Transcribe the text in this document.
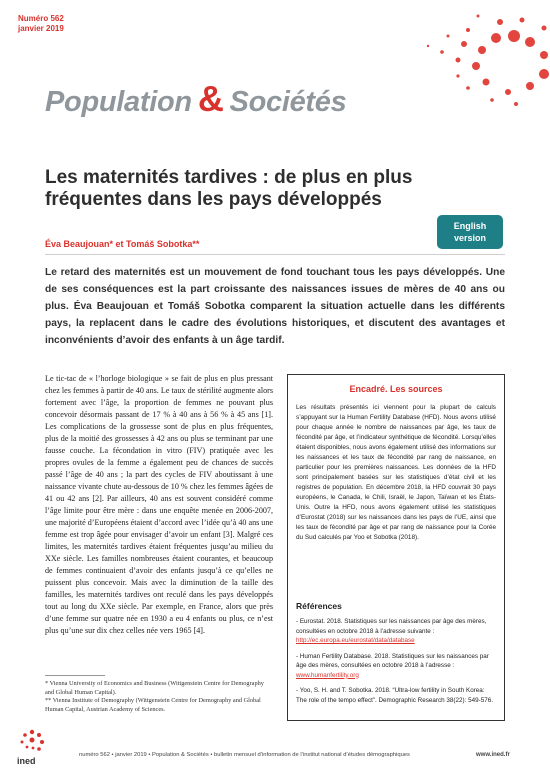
Numéro 562
janvier 2019
Population & Sociétés
Les maternités tardives : de plus en plus fréquentes dans les pays développés
English version
Éva Beaujouan* et Tomáš Sobotka**
Le retard des maternités est un mouvement de fond touchant tous les pays développés. Une de ses conséquences est la part croissante des naissances issues de mères de 40 ans ou plus. Éva Beaujouan et Tomáš Sobotka comparent la situation actuelle dans les différents pays, la replacent dans le cadre des évolutions historiques, et discutent des avantages et inconvénients d’avoir des enfants à un âge tardif.
Le tic-tac de « l’horloge biologique » se fait de plus en plus pressant chez les femmes à partir de 40 ans. Le taux de stérilité augmente alors fortement avec l’âge, la proportion de femmes ne pouvant plus concevoir désormais passant de 17 % à 40 ans à 56 % à 45 ans [1]. Les complications de la grossesse sont de plus en plus fréquentes, plus de la moitié des grossesses à 42 ans ou plus se terminant par une fausse couche. La fécondation in vitro (FIV) pratiquée avec les propres ovules de la femme a également peu de chances de succès passé l’âge de 40 ans ; la part des cycles de FIV aboutissant à une naissance vivante chute au-dessous de 10 % chez les femmes âgées de 41 ou 42 ans [2]. Par ailleurs, 40 ans est souvent considéré comme l’âge limite pour être mère : dans une enquête menée en 2006-2007, une majorité d’Européens étaient d’accord avec l’idée qu’à 40 ans une femme est trop âgée pour envisager d’avoir un enfant [3]. Malgré ces limites, les maternités tardives étaient fréquentes jusqu’au milieu du XXe siècle. Les familles nombreuses étaient courantes, et beaucoup de femmes continuaient d’avoir des enfants jusqu’à ce qu’elles ne puissent plus concevoir. Mais avec la diminution de la taille des familles, les maternités tardives ont reculé dans les pays développés tout au long du XXe siècle. Par exemple, en France, alors que près d’une femme sur quatre née en 1930 a eu 4 enfants ou plus, ce n’est plus qu’une sur dix chez celles née vers 1965 [4].

* Vienna University of Economics and Business (Wittgenstein Centre for Demography and Global Human Capital).

** Vienna Institute of Demography (Wittgenstein Centre for Demography and Global Human Capital, Austrian Academy of Sciences.

Encadré. Les sources
Les résultats présentés ici viennent pour la plupart de calculs s’appuyant sur la Human Fertility Database (HFD). Nous avons utilisé pour chaque année le nombre de naissances par âge, les taux de fécondité par âge, et l’indicateur synthétique de fécondité. Lorsqu’elles étaient disponibles, nous avons également utilisé des informations sur les naissances et les taux de fécondité par rang de naissance, en particulier pour les premières naissances. Les données de la HFD sont principalement basées sur les statistiques d’état civil et les registres de population. En décembre 2018, la HFD couvrait 30 pays européens, le Canada, le Chili, Israël, le Japon, Taïwan et les États-Unis. Outre la HFD, nous avons également utilisé les statistiques d’Eurostat (2018) sur les naissances dans les pays de l’UE, ainsi que les taux de fécondité par âge et par rang de naissance pour la Corée du Sud calculés par Yoo et Sobotka (2018).
Références

- Eurostat. 2018. Statistiques sur les naissances par âge des mères, consultées en octobre 2018 à l’adresse suivante : http://ec.europa.eu/eurostat/data/database

- Human Fertility Database. 2018. Statistiques sur les naissances par âge des mères, consultées en octobre 2018 à l’adresse : www.humanfertility.org

- Yoo, S. H. and T. Sobotka. 2018. “Ultra-low fertility in South Korea: The role of the tempo effect”. Demographic Research 38(22): 549-576.

ined
numéro 562 • janvier 2019 • Population & Sociétés • bulletin mensuel d’information de l’institut national d’études démographiques	www.ined.fr
